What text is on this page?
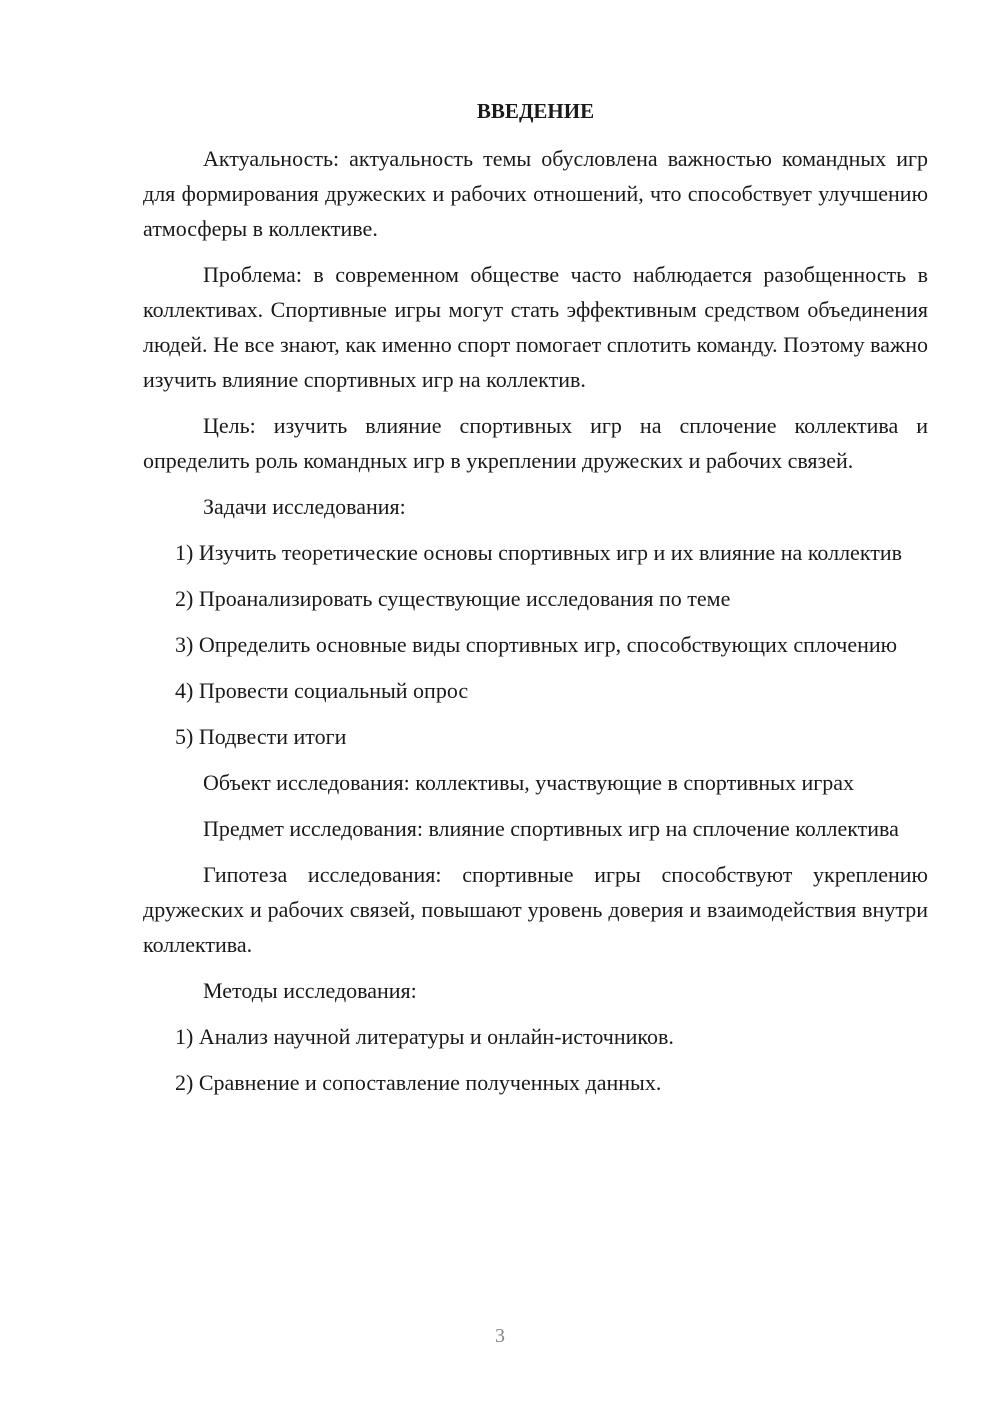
ВВЕДЕНИЕ
Актуальность: актуальность темы обусловлена важностью командных игр для формирования дружеских и рабочих отношений, что способствует улучшению атмосферы в коллективе.
Проблема: в современном обществе часто наблюдается разобщенность в коллективах. Спортивные игры могут стать эффективным средством объединения людей. Не все знают, как именно спорт помогает сплотить команду. Поэтому важно изучить влияние спортивных игр на коллектив.
Цель: изучить влияние спортивных игр на сплочение коллектива и определить роль командных игр в укреплении дружеских и рабочих связей.
Задачи исследования:
1) Изучить теоретические основы спортивных игр и их влияние на коллектив
2) Проанализировать существующие исследования по теме
3) Определить основные виды спортивных игр, способствующих сплочению
4) Провести социальный опрос
5) Подвести итоги
Объект исследования: коллективы, участвующие в спортивных играх
Предмет исследования: влияние спортивных игр на сплочение коллектива
Гипотеза исследования: спортивные игры способствуют укреплению дружеских и рабочих связей, повышают уровень доверия и взаимодействия внутри коллектива.
Методы исследования:
1) Анализ научной литературы и онлайн-источников.
2) Сравнение и сопоставление полученных данных.
3
